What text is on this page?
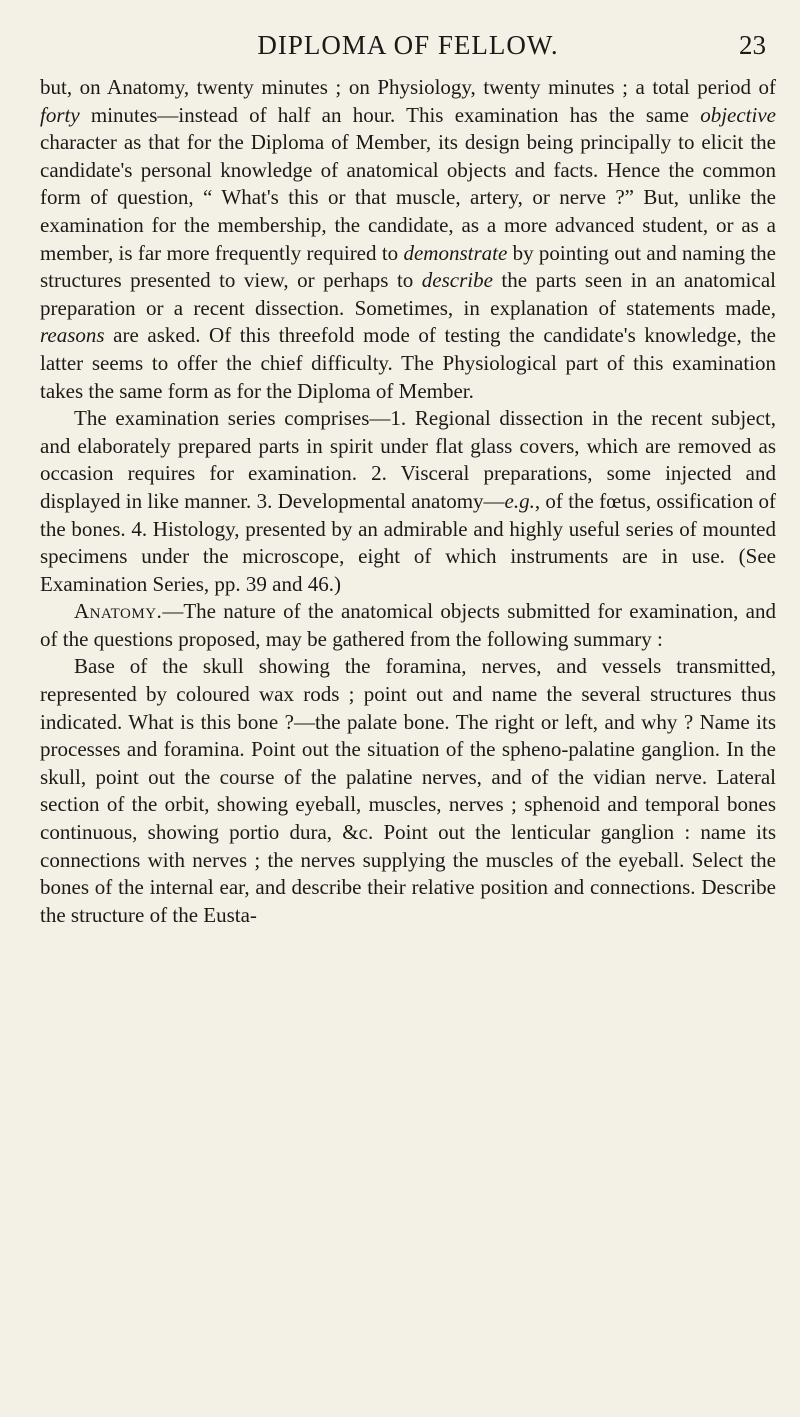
DIPLOMA OF FELLOW.	23

but, on Anatomy, twenty minutes ; on Physiology, twenty minutes ; a total period of forty minutes—instead of half an hour. This examination has the same objective character as that for the Diploma of Member, its design being principally to elicit the candidate's personal knowledge of anatomical objects and facts. Hence the common form of question, “ What's this or that muscle, artery, or nerve ?” But, unlike the examination for the membership, the candidate, as a more advanced student, or as a member, is far more frequently required to demonstrate by pointing out and naming the structures presented to view, or perhaps to describe the parts seen in an anatomical preparation or a recent dissection. Sometimes, in explanation of statements made, reasons are asked. Of this threefold mode of testing the candidate's knowledge, the latter seems to offer the chief difficulty. The Physiological part of this examination takes the same form as for the Diploma of Member.

The examination series comprises—1. Regional dissection in the recent subject, and elaborately prepared parts in spirit under flat glass covers, which are removed as occasion requires for examination. 2. Visceral preparations, some injected and displayed in like manner. 3. Developmental anatomy—e.g., of the fœtus, ossification of the bones. 4. Histology, presented by an admirable and highly useful series of mounted specimens under the microscope, eight of which instruments are in use. (See Examination Series, pp. 39 and 46.)

Anatomy.—The nature of the anatomical objects submitted for examination, and of the questions proposed, may be gathered from the following summary :

Base of the skull showing the foramina, nerves, and vessels transmitted, represented by coloured wax rods ; point out and name the several structures thus indicated. What is this bone ?—the palate bone. The right or left, and why ? Name its processes and foramina. Point out the situation of the spheno-palatine ganglion. In the skull, point out the course of the palatine nerves, and of the vidian nerve. Lateral section of the orbit, showing eyeball, muscles, nerves ; sphenoid and temporal bones continuous, showing portio dura, &c. Point out the lenticular ganglion : name its connections with nerves ; the nerves supplying the muscles of the eyeball. Select the bones of the internal ear, and describe their relative position and connections. Describe the structure of the Eusta-
